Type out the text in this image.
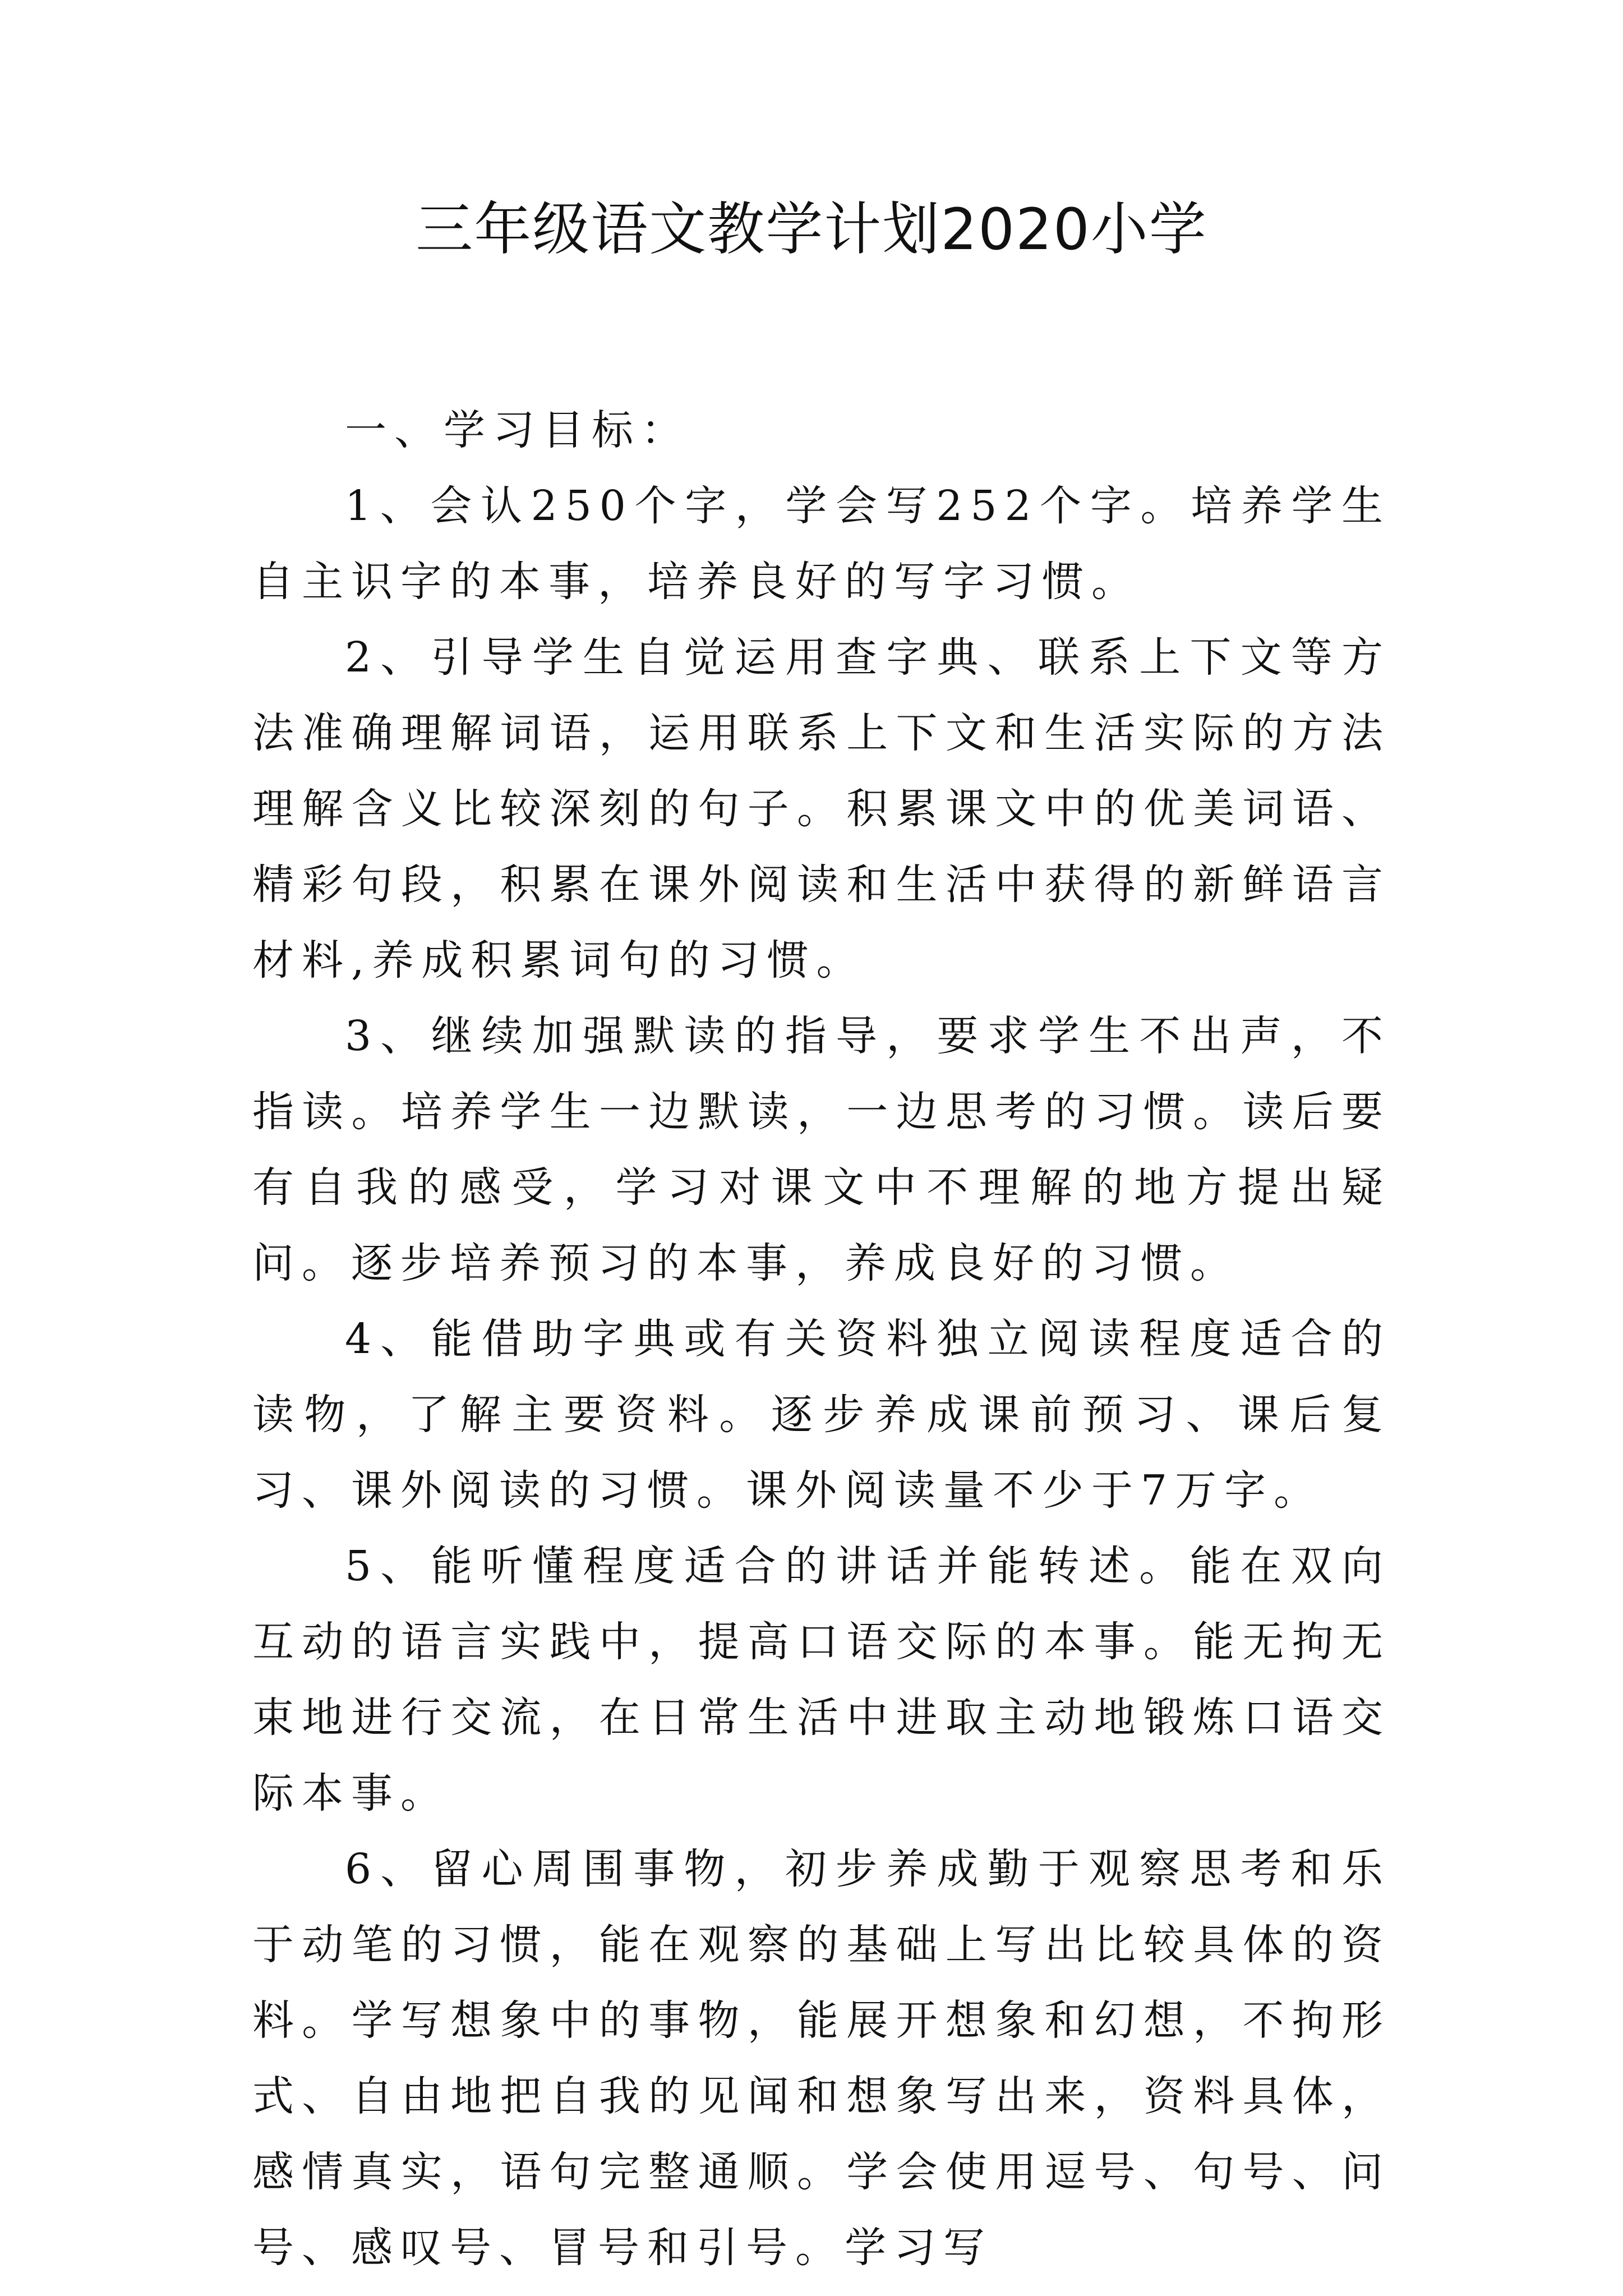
三年级语文教学计划2020小学

一、学习目标：

1、会认250个字，学会写252个字。培养学生自主识字的本事，培养良好的写字习惯。

2、引导学生自觉运用查字典、联系上下文等方法准确理解词语，运用联系上下文和生活实际的方法理解含义比较深刻的句子。积累课文中的优美词语、精彩句段，积累在课外阅读和生活中获得的新鲜语言材料,养成积累词句的习惯。

3、继续加强默读的指导，要求学生不出声，不指读。培养学生一边默读，一边思考的习惯。读后要有自我的感受，学习对课文中不理解的地方提出疑问。逐步培养预习的本事，养成良好的习惯。

4、能借助字典或有关资料独立阅读程度适合的读物，了解主要资料。逐步养成课前预习、课后复习、课外阅读的习惯。课外阅读量不少于7万字。

5、能听懂程度适合的讲话并能转述。能在双向互动的语言实践中，提高口语交际的本事。能无拘无束地进行交流，在日常生活中进取主动地锻炼口语交际本事。

6、留心周围事物，初步养成勤于观察思考和乐于动笔的习惯，能在观察的基础上写出比较具体的资料。学写想象中的事物，能展开想象和幻想，不拘形式、自由地把自我的见闻和想象写出来，资料具体，感情真实，语句完整通顺。学会使用逗号、句号、问号、感叹号、冒号和引号。学习写
